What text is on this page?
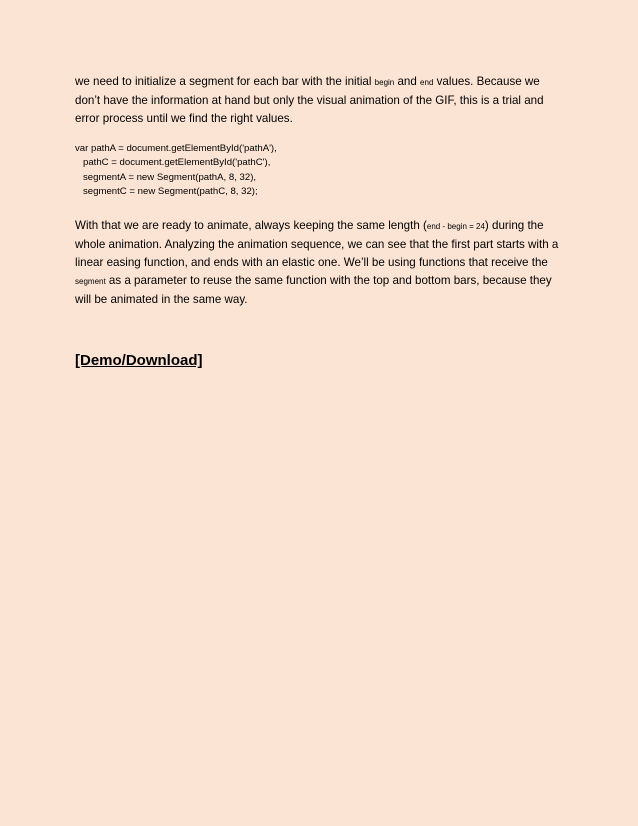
we need to initialize a segment for each bar with the initial begin and end values. Because we don’t have the information at hand but only the visual animation of the GIF, this is a trial and error process until we find the right values.

var pathA = document.getElementById('pathA'),
pathC = document.getElementById('pathC'),
segmentA = new Segment(pathA, 8, 32),
segmentC = new Segment(pathC, 8, 32);

With that we are ready to animate, always keeping the same length (end - begin = 24) during the whole animation. Analyzing the animation sequence, we can see that the first part starts with a linear easing function, and ends with an elastic one. We’ll be using functions that receive the segment as a parameter to reuse the same function with the top and bottom bars, because they will be animated in the same way.

[Demo/Download]
